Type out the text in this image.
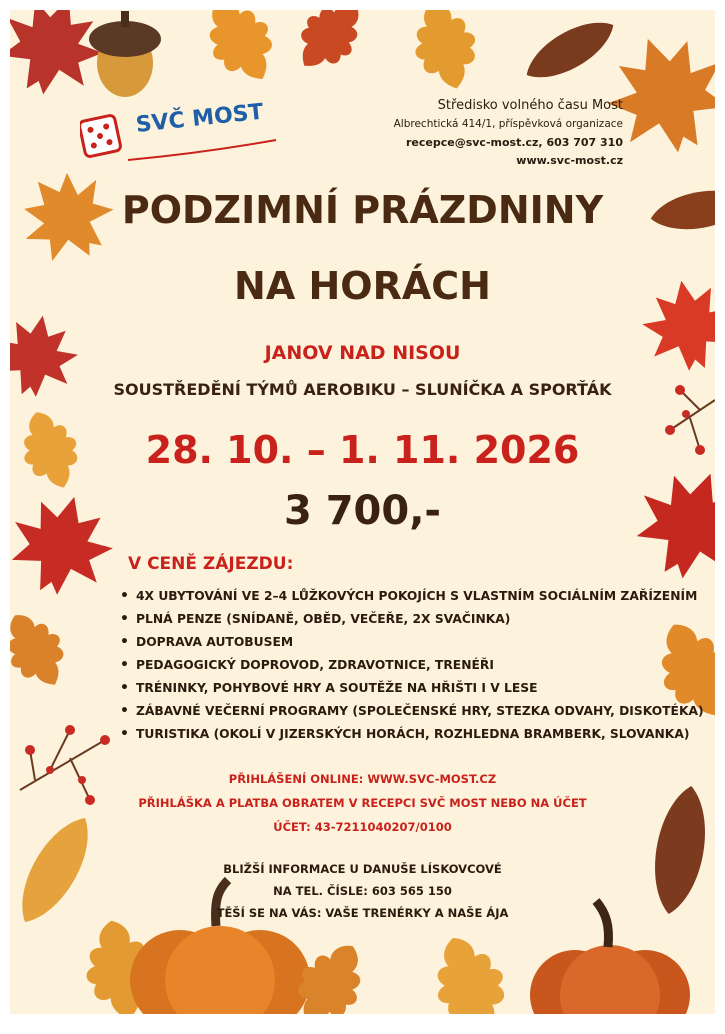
SVČ MOST	Středisko volného času Most
Albrechtická 414/1, příspěvková organizace
recepce@svc-most.cz, 603 707 310
www.svc-most.cz
PODZIMNÍ PRÁZDNINY
NA HORÁCH
JANOV NAD NISOU
SOUSTŘEDĚNÍ TÝMŮ AEROBIKU – SLUNÍČKA A SPORŤÁK
28. 10. – 1. 11. 2026
3 700,-
V CENĚ ZÁJEZDU:
• 4X UBYTOVÁNÍ VE 2–4 LŮŽKOVÝCH POKOJÍCH S VLASTNÍM SOCIÁLNÍM ZAŘÍZENÍM
• PLNÁ PENZE (SNÍDANĚ, OBĚD, VEČEŘE, 2X SVAČINKA)
• DOPRAVA AUTOBUSEM
• PEDAGOGICKÝ DOPROVOD, ZDRAVOTNICE, TRENÉŘI
• TRÉNINKY, POHYBOVÉ HRY A SOUTĚŽE NA HŘIŠTI I V LESE
• ZÁBAVNÉ VEČERNÍ PROGRAMY (SPOLEČENSKÉ HRY, STEZKA ODVAHY, DISKOTÉKA)
• TURISTIKA (OKOLÍ V JIZERSKÝCH HORÁCH, ROZHLEDNA BRAMBERK, SLOVANKA)
PŘIHLÁŠENÍ ONLINE: WWW.SVC-MOST.CZ
PŘIHLÁŠKA A PLATBA OBRATEM V RECEPCI SVČ MOST NEBO NA ÚČET
ÚČET: 43-7211040207/0100
BLIŽŠÍ INFORMACE U DANUŠE LÍSKOVCOVÉ
NA TEL. ČÍSLE: 603 565 150
TĚŠÍ SE NA VÁS: VAŠE TRENÉRKY A NAŠE ÁJA
